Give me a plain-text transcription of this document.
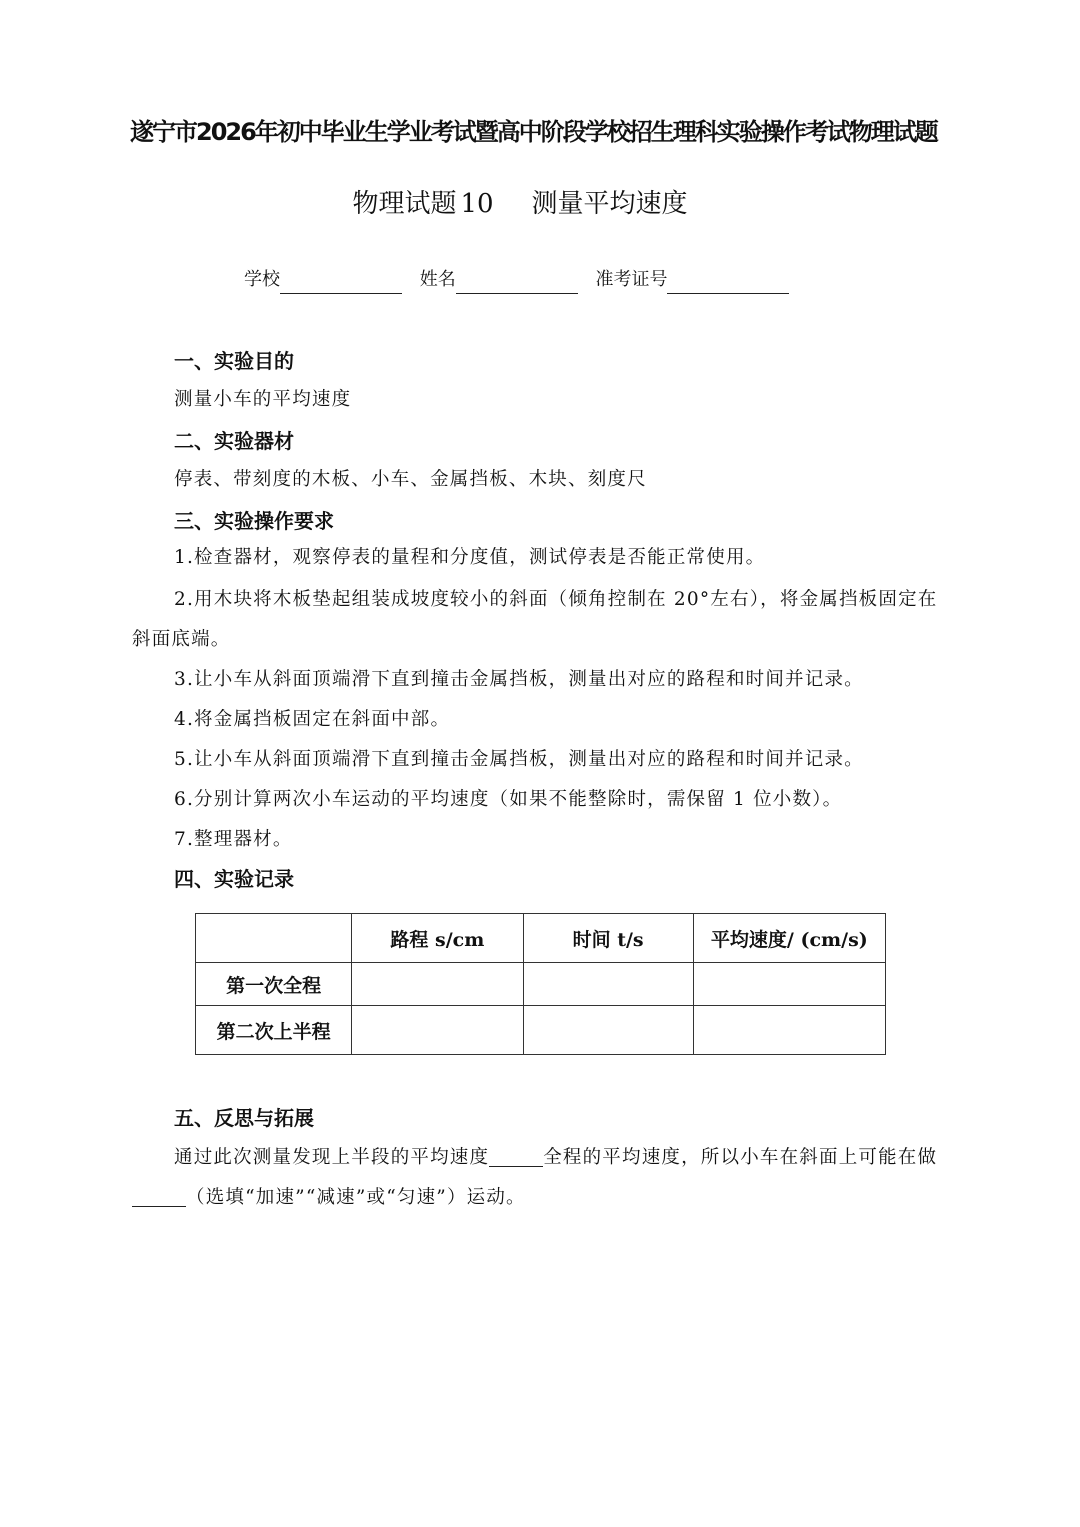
遂宁市2026年初中毕业生学业考试暨高中阶段学校招生理科实验操作考试物理试题
物理试题 10 测量平均速度
学校	姓名	准考证号
一、实验目的
测量小车的平均速度
二、实验器材
停表、带刻度的木板、小车、金属挡板、木块、刻度尺
三、实验操作要求
1.检查器材，观察停表的量程和分度值，测试停表是否能正常使用。
2.用木块将木板垫起组装成坡度较小的斜面（倾角控制在 20°左右），将金属挡板固定在斜面底端。
3.让小车从斜面顶端滑下直到撞击金属挡板，测量出对应的路程和时间并记录。
4.将金属挡板固定在斜面中部。
5.让小车从斜面顶端滑下直到撞击金属挡板，测量出对应的路程和时间并记录。
6.分别计算两次小车运动的平均速度（如果不能整除时，需保留 1 位小数）。
7.整理器材。
四、实验记录
	路程 s/cm	时间 t/s	平均速度/ (cm/s)
第一次全程			
第二次上半程			
五、反思与拓展
通过此次测量发现上半段的平均速度	全程的平均速度，所以小车在斜面上可能在做（选填“加速”“减速”或“匀速”）运动。
